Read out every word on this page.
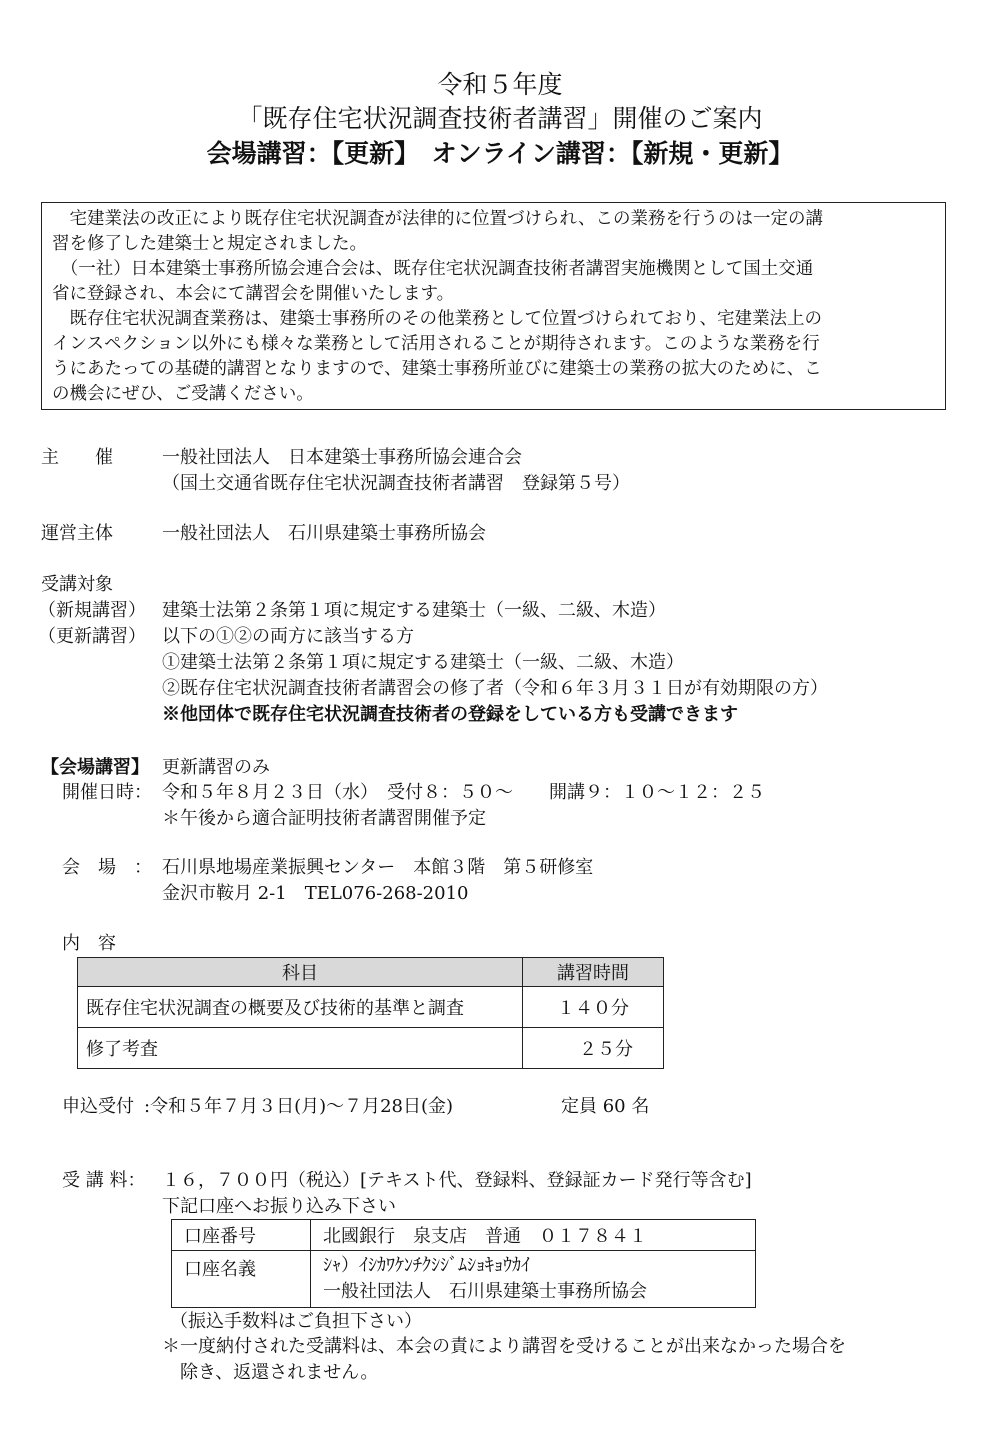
令和５年度
「既存住宅状況調査技術者講習」開催のご案内
会場講習：【更新】　オンライン講習：【新規・更新】
　宅建業法の改正により既存住宅状況調査が法律的に位置づけられ、この業務を行うのは一定の講
習を修了した建築士と規定されました。
　（一社）日本建築士事務所協会連合会は、既存住宅状況調査技術者講習実施機関として国土交通
省に登録され、本会にて講習会を開催いたします。
　既存住宅状況調査業務は、建築士事務所のその他業務として位置づけられており、宅建業法上の
インスペクション以外にも様々な業務として活用されることが期待されます。このような業務を行
うにあたっての基礎的講習となりますので、建築士事務所並びに建築士の業務の拡大のために、こ
の機会にぜひ、ご受講ください。
主　　催	一般社団法人　日本建築士事務所協会連合会
（国土交通省既存住宅状況調査技術者講習　登録第５号）
運営主体	一般社団法人　石川県建築士事務所協会
受講対象
（新規講習） 建築士法第２条第１項に規定する建築士（一級、二級、木造）
（更新講習） 以下の①②の両方に該当する方
①建築士法第２条第１項に規定する建築士（一級、二級、木造）
②既存住宅状況調査技術者講習会の修了者（令和６年３月３１日が有効期限の方）
※他団体で既存住宅状況調査技術者の登録をしている方も受講できます
【会場講習】 更新講習のみ
開催日時： 令和５年８月２３日（水）　受付８：５０～　　開講９：１０～１２：２５
＊午後から適合証明技術者講習開催予定
会　場　： 石川県地場産業振興センター　本館３階　第５研修室
金沢市鞍月 2-1　TEL076-268-2010
内　容
科目	講習時間
既存住宅状況調査の概要及び技術的基準と調査	１４０分
修了考査	２５分
申込受付 :令和５年７月３日(月)～７月28日(金)	定員 60 名
受 講 料： １６，７００円（税込）[テキスト代、登録料、登録証カード発行等含む]
下記口座へお振り込み下さい
口座番号	北國銀行　泉支店　普通　０１７８４１
口座名義	ｼｬ）ｲｼｶﾜｹﾝﾁｸｼｼﾞﾑｼｮｷｮｳｶｲ
一般社団法人　石川県建築士事務所協会
（振込手数料はご負担下さい）
＊一度納付された受講料は、本会の責により講習を受けることが出来なかった場合を
除き、返還されません。
